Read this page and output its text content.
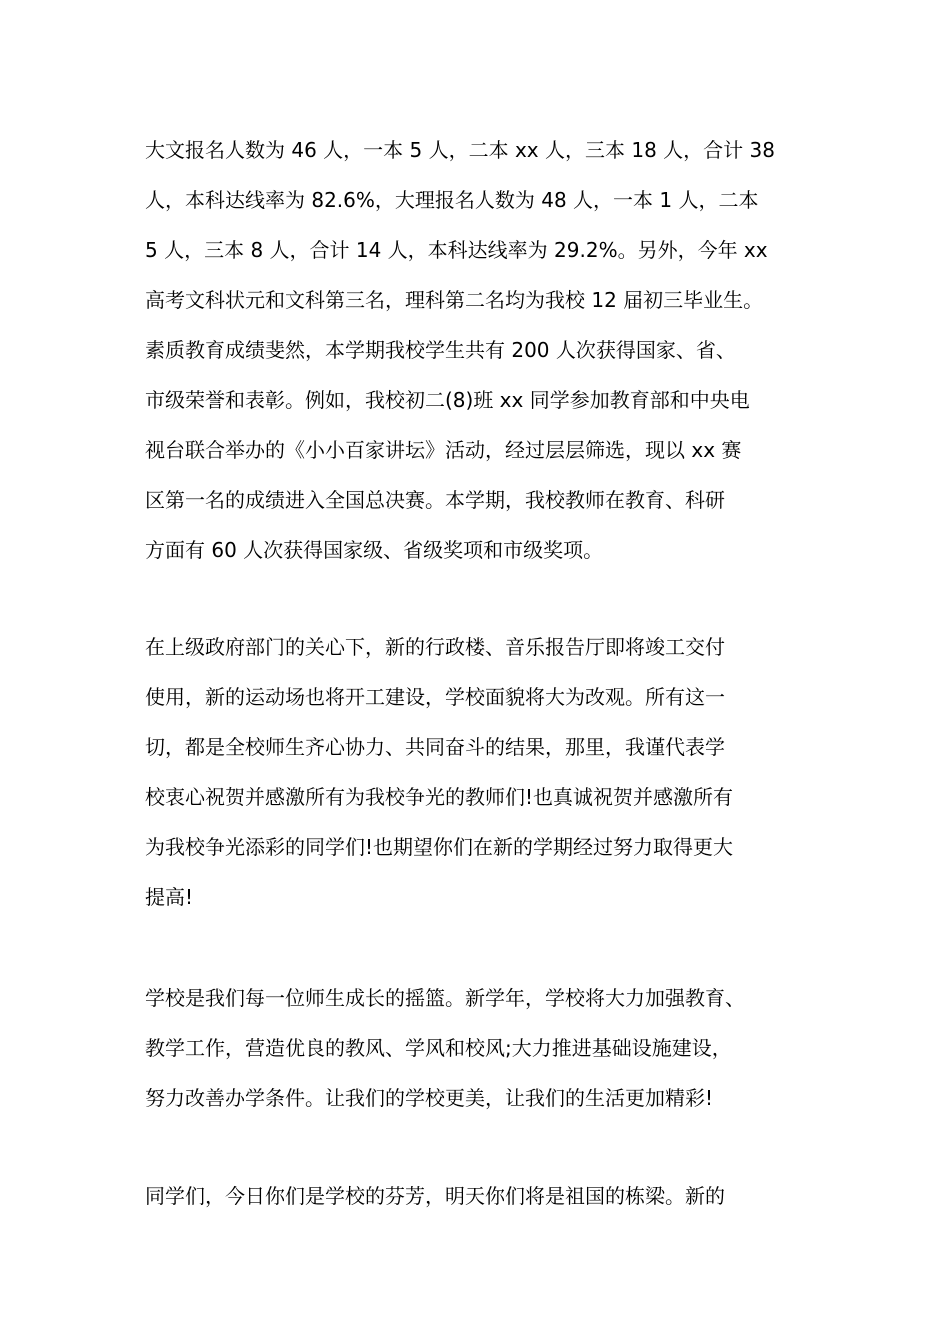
大文报名人数为 46 人，一本 5 人，二本 xx 人，三本 18 人，合计 38
人，本科达线率为 82.6%，大理报名人数为 48 人，一本 1 人，二本
5 人，三本 8 人，合计 14 人，本科达线率为 29.2%。另外，今年 xx
高考文科状元和文科第三名，理科第二名均为我校 12 届初三毕业生。
素质教育成绩斐然，本学期我校学生共有 200 人次获得国家、省、
市级荣誉和表彰。例如，我校初二(8)班 xx 同学参加教育部和中央电
视台联合举办的《小小百家讲坛》活动，经过层层筛选，现以 xx 赛
区第一名的成绩进入全国总决赛。本学期，我校教师在教育、科研
方面有 60 人次获得国家级、省级奖项和市级奖项。
在上级政府部门的关心下，新的行政楼、音乐报告厅即将竣工交付
使用，新的运动场也将开工建设，学校面貌将大为改观。所有这一
切，都是全校师生齐心协力、共同奋斗的结果，那里，我谨代表学
校衷心祝贺并感激所有为我校争光的教师们!也真诚祝贺并感激所有
为我校争光添彩的同学们!也期望你们在新的学期经过努力取得更大
提高!
学校是我们每一位师生成长的摇篮。新学年，学校将大力加强教育、
教学工作，营造优良的教风、学风和校风;大力推进基础设施建设，
努力改善办学条件。让我们的学校更美，让我们的生活更加精彩!
同学们，今日你们是学校的芬芳，明天你们将是祖国的栋梁。新的
